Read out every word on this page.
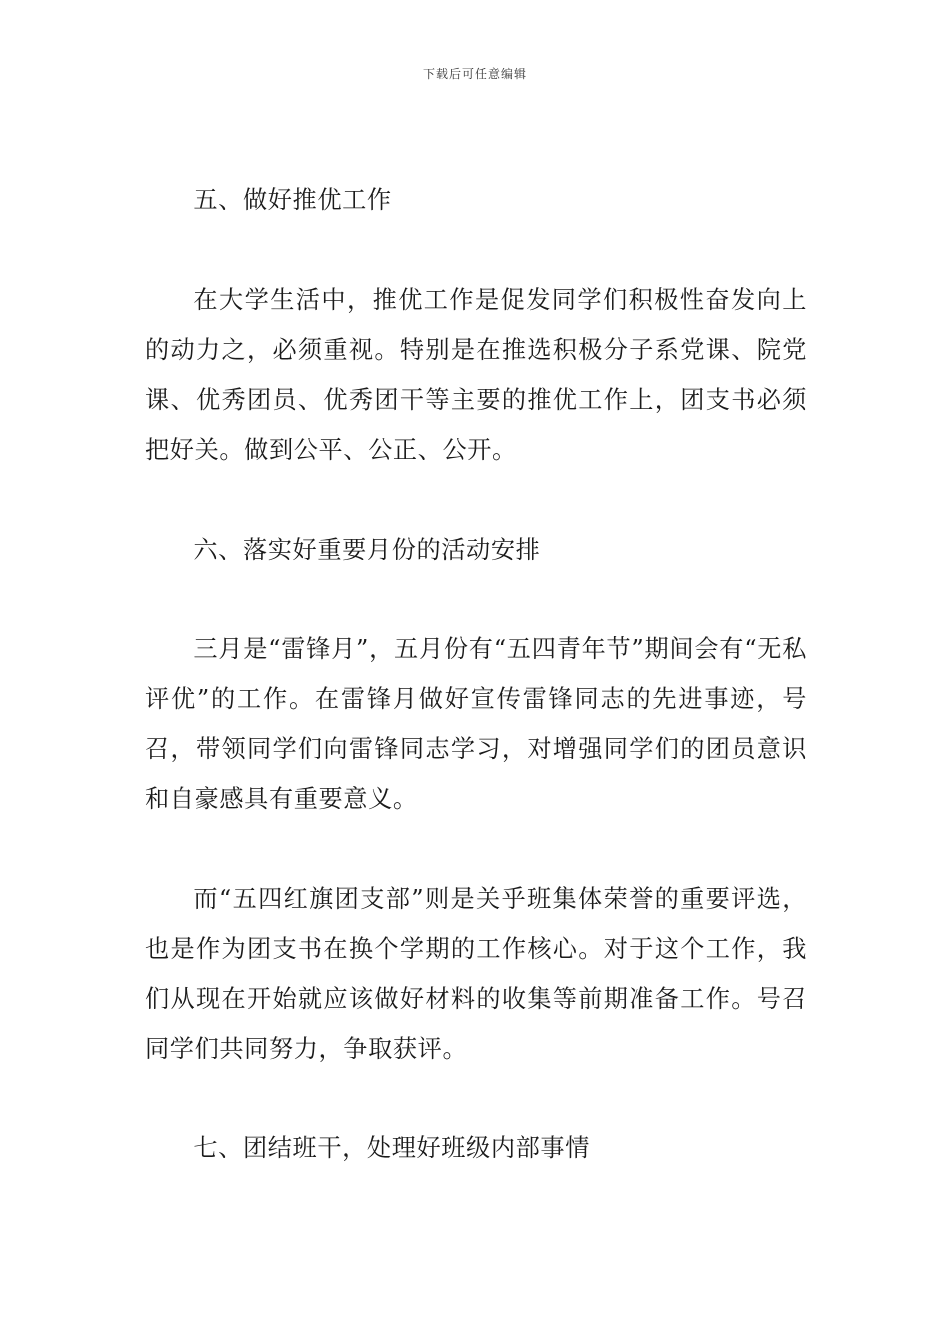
下载后可任意编辑

五、做好推优工作

在大学生活中，推优工作是促发同学们积极性奋发向上的动力之，必须重视。特别是在推选积极分子系党课、院党课、优秀团员、优秀团干等主要的推优工作上，团支书必须把好关。做到公平、公正、公开。

六、落实好重要月份的活动安排

三月是“雷锋月”，五月份有“五四青年节”期间会有“无私评优”的工作。在雷锋月做好宣传雷锋同志的先进事迹，号召，带领同学们向雷锋同志学习，对增强同学们的团员意识和自豪感具有重要意义。

而“五四红旗团支部”则是关乎班集体荣誉的重要评选，也是作为团支书在换个学期的工作核心。对于这个工作，我们从现在开始就应该做好材料的收集等前期准备工作。号召同学们共同努力，争取获评。

七、团结班干，处理好班级内部事情
